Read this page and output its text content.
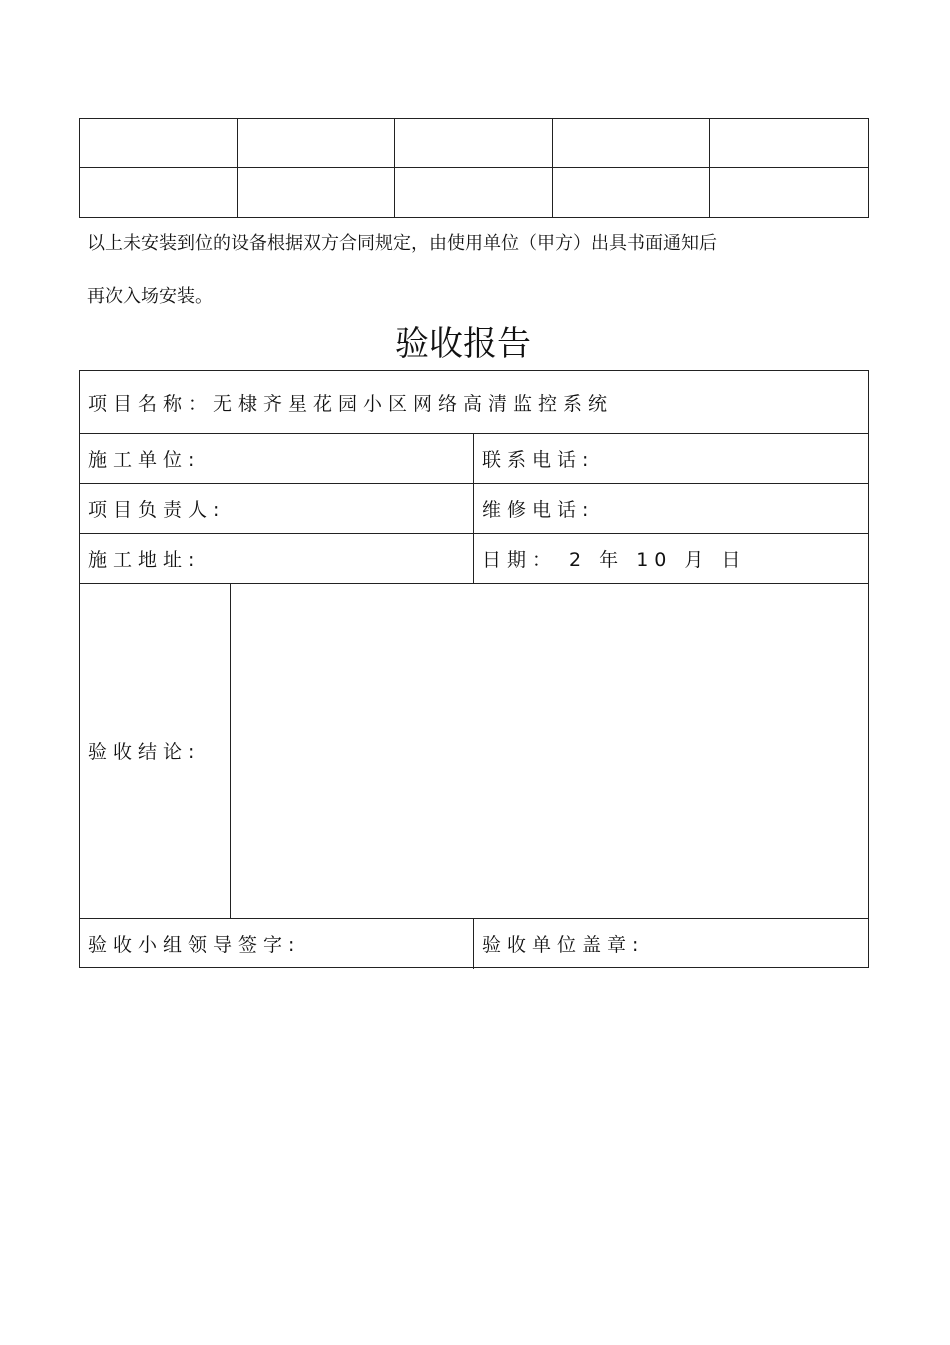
以上未安装到位的设备根据双方合同规定，由使用单位（甲方）出具书面通知后
再次入场安装。
验收报告
项目名称：无棣齐星花园小区网络高清监控系统
施工单位:	联系电话:
项目负责人:	维修电话:
施工地址:	日期： 2 年 10 月 日
验收结论:
验收小组领导签字:	验收单位盖章:
